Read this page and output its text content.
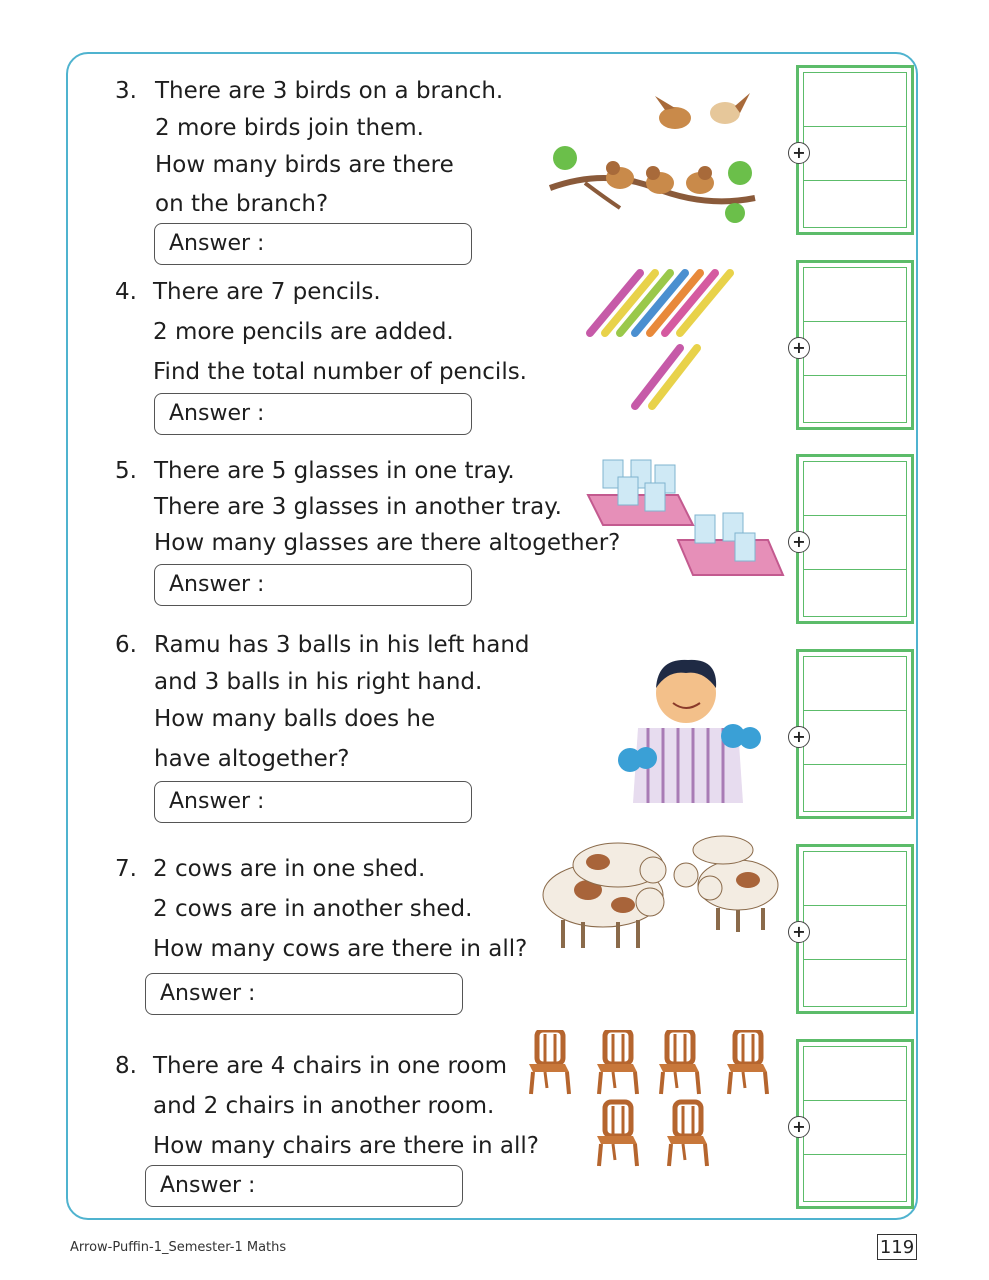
3. There are 3 birds on a branch.
2 more birds join them.
How many birds are there
on the branch?
Answer :
4. There are 7 pencils.
2 more pencils are added.
Find the total number of pencils.
Answer :
5. There are 5 glasses in one tray.
There are 3 glasses in another tray.
How many glasses are there altogether?
Answer :
6. Ramu has 3 balls in his left hand
and 3 balls in his right hand.
How many balls does he
have altogether?
Answer :
7. 2 cows are in one shed.
2 cows are in another shed.
How many cows are there in all?
Answer :
8. There are 4 chairs in one room
and 2 chairs in another room.
How many chairs are there in all?
Answer :
+
+
+
+
+
+
Arrow-Puffin-1_Semester-1 Maths	119
